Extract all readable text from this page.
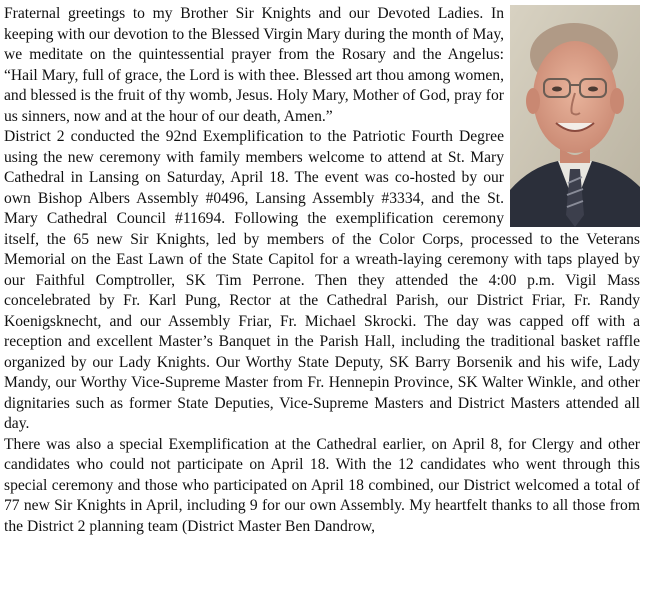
Fraternal greetings to my Brother Sir Knights and our Devoted Ladies. In keeping with our devotion to the Blessed Virgin Mary during the month of May, we meditate on the quintessential prayer from the Rosary and the Angelus: “Hail Mary, full of grace, the Lord is with thee. Blessed art thou among women, and blessed is the fruit of thy womb, Jesus. Holy Mary, Mother of God, pray for us sinners, now and at the hour of our death, Amen.”

District 2 conducted the 92nd Exemplification to the Patriotic Fourth Degree using the new ceremony with family members welcome to attend at St. Mary Cathedral in Lansing on Saturday, April 18. The event was co-hosted by our own Bishop Albers Assembly #0496, Lansing Assembly #3334, and the St. Mary Cathedral Council #11694. Following the exemplification ceremony itself, the 65 new Sir Knights, led by members of the Color Corps, processed to the Veterans Memorial on the East Lawn of the State Capitol for a wreath-laying ceremony with taps played by our Faithful Comptroller, SK Tim Perrone. Then they attended the 4:00 p.m. Vigil Mass concelebrated by Fr. Karl Pung, Rector at the Cathedral Parish, our District Friar, Fr. Randy Koenigsknecht, and our Assembly Friar, Fr. Michael Skrocki. The day was capped off with a reception and excellent Master’s Banquet in the Parish Hall, including the traditional basket raffle organized by our Lady Knights. Our Worthy State Deputy, SK Barry Borsenik and his wife, Lady Mandy, our Worthy Vice-Supreme Master from Fr. Hennepin Province, SK Walter Winkle, and other dignitaries such as former State Deputies, Vice-Supreme Masters and District Masters attended all day.

There was also a special Exemplification at the Cathedral earlier, on April 8, for Clergy and other candidates who could not participate on April 18. With the 12 candidates who went through this special ceremony and those who participated on April 18 combined, our District welcomed a total of 77 new Sir Knights in April, including 9 for our own Assembly. My heartfelt thanks to all those from the District 2 planning team (District Master Ben Dandrow,
